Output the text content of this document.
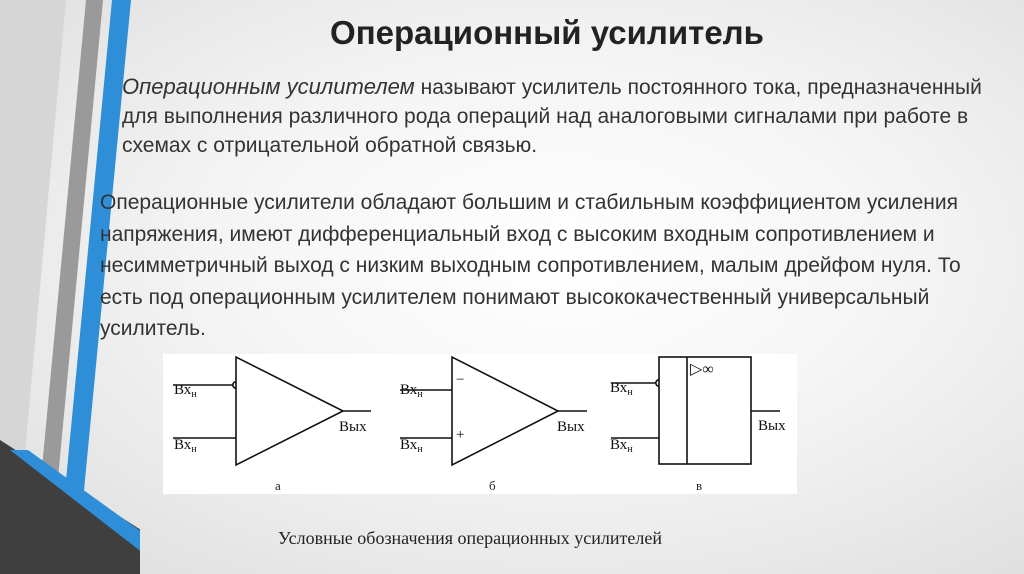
Операционный усилитель
Операционным усилителем называют усилитель постоянного тока, предназначенный для выполнения различного рода операций над аналоговыми сигналами при работе в схемах с отрицательной обратной связью.
Операционные усилители обладают большим и стабильным коэффициентом усиления напряжения, имеют дифференциальный вход с высоким входным сопротивлением и несимметричный выход с низким выходным сопротивлением, малым дрейфом нуля. То есть под операционным усилителем понимают высококачественный универсальный усилитель.
$Вх_н$
$Вх_н$
Вых
а
$Вх_н$
$Вх_н$
−
+	Вых
б
$Вх_н$
$Вх_н$
▷∞
Вых
в
Условные обозначения операционных усилителей
